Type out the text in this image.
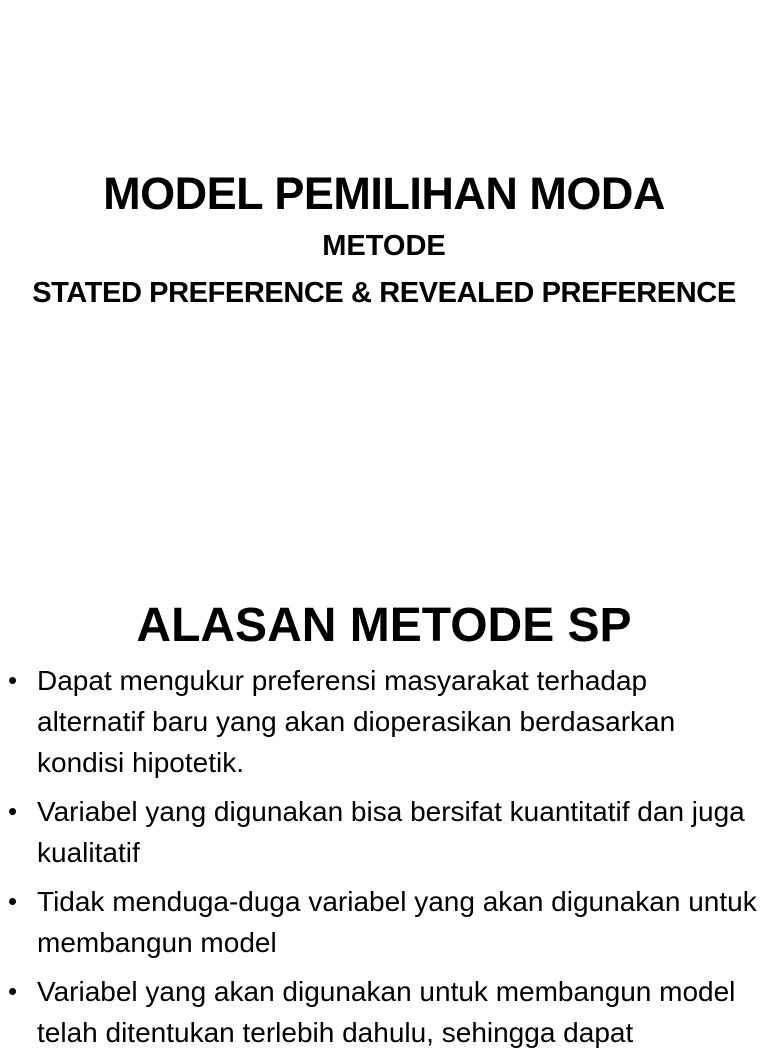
MODEL PEMILIHAN MODA
METODE
STATED PREFERENCE & REVEALED PREFERENCE
ALASAN METODE SP
• Dapat mengukur preferensi masyarakat terhadap alternatif baru yang akan dioperasikan berdasarkan kondisi hipotetik.
• Variabel yang digunakan bisa bersifat kuantitatif dan juga kualitatif
• Tidak menduga-duga variabel yang akan digunakan untuk membangun model
• Variabel yang akan digunakan untuk membangun model telah ditentukan terlebih dahulu, sehingga dapat
